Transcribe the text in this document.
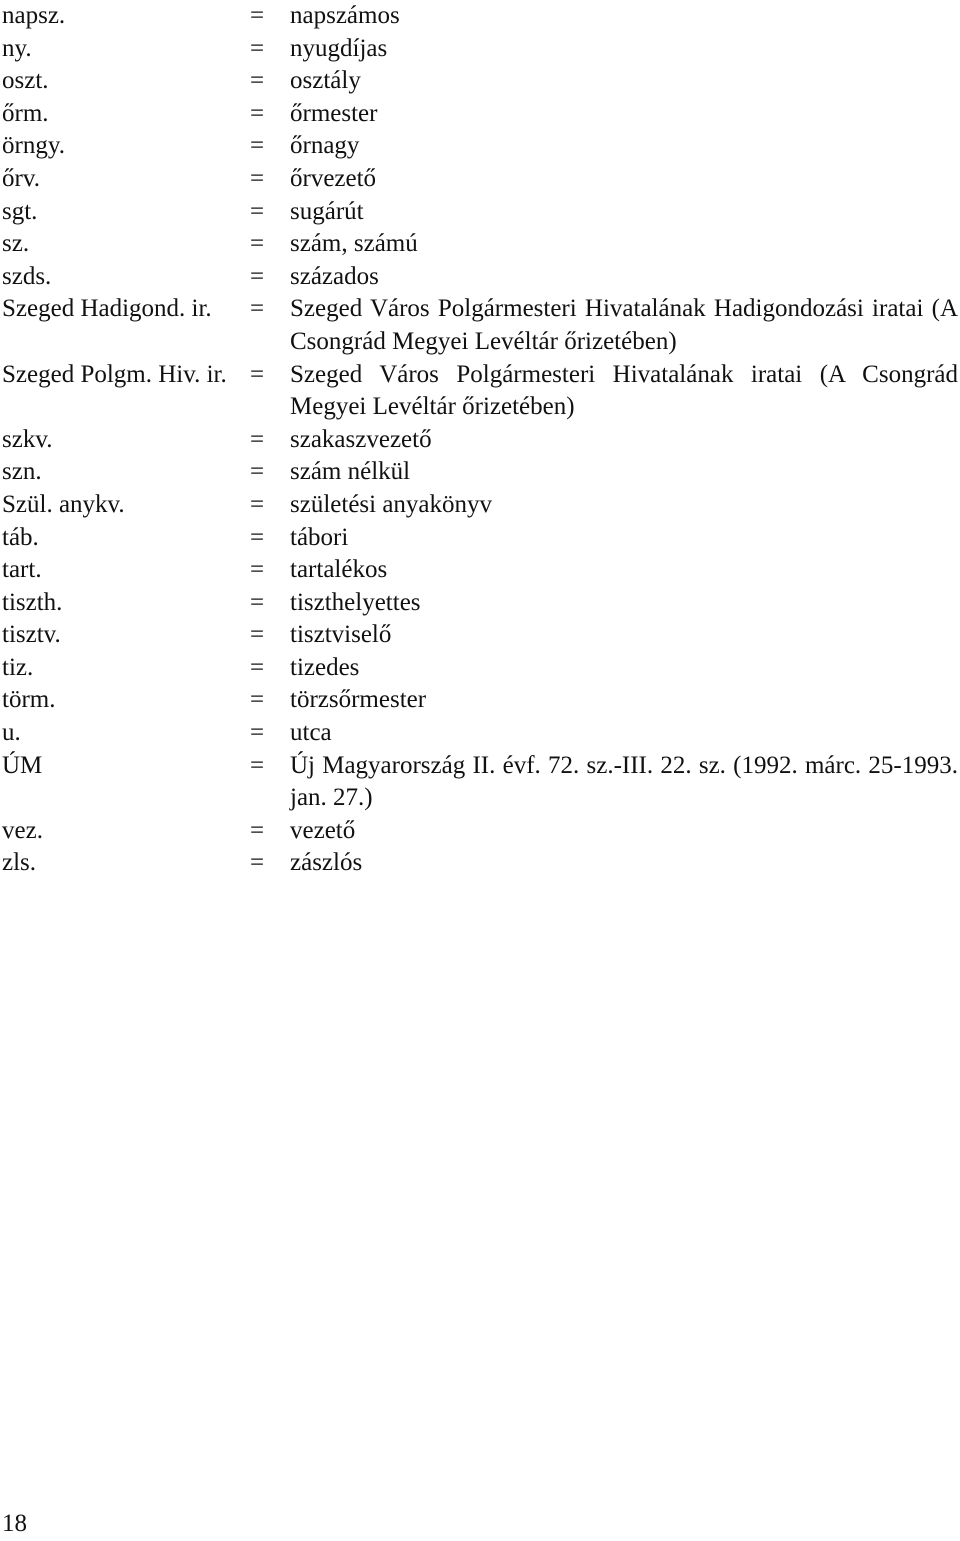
napsz.	=	napszámos
ny.	=	nyugdíjas
oszt.	=	osztály
őrm.	=	őrmester
örngy.	=	őrnagy
őrv.	=	őrvezető
sgt.	=	sugárút
sz.	=	szám, számú
szds.	=	százados
Szeged Hadigond. ir.	=	Szeged Város Polgármesteri Hivatalának Hadigondozási iratai (A Csongrád Megyei Levéltár őrizetében)
Szeged Polgm. Hiv. ir. =	Szeged Város Polgármesteri Hivatalának iratai (A Csongrád Megyei Levéltár őrizetében)
szkv.	=	szakaszvezető
szn.	=	szám nélkül
Szül. anykv.	=	születési anyakönyv
táb.	=	tábori
tart.	=	tartalékos
tiszth.	=	tiszthelyettes
tisztv.	=	tisztviselő
tiz.	=	tizedes
törm.	=	törzsőrmester
u.	=	utca
ÚM	=	Új Magyarország II. évf. 72. sz.-III. 22. sz. (1992. márc. 25-1993. jan. 27.)
vez.	=	vezető
zls.	=	zászlós
18
